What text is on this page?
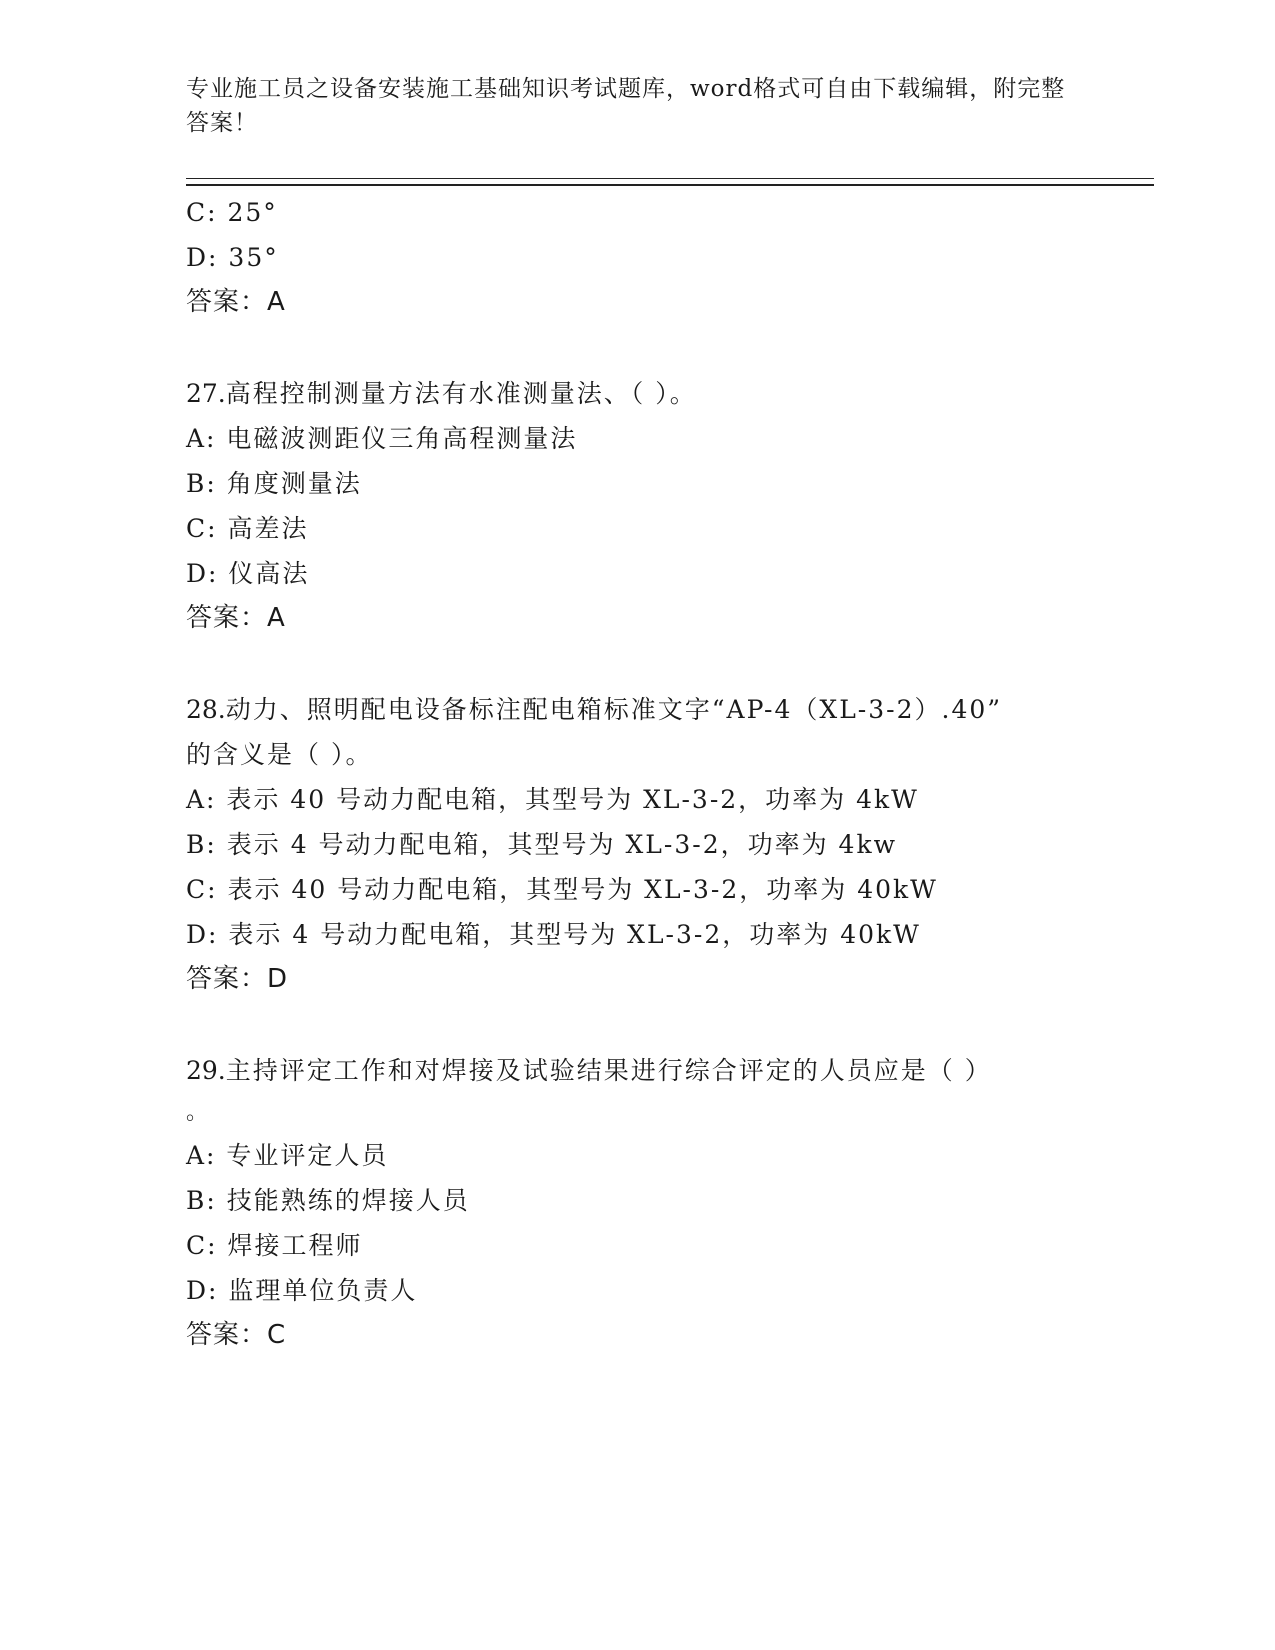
专业施工员之设备安装施工基础知识考试题库，word格式可自由下载编辑，附完整答案！
C: 25°
D: 35°
答案：A
27.高程控制测量方法有水准测量法、（ ）。
A: 电磁波测距仪三角高程测量法
B: 角度测量法
C: 高差法
D: 仪高法
答案：A
28.动力、照明配电设备标注配电箱标准文字“AP-4（XL-3-2）.40”
的含义是（ ）。
A: 表示 40 号动力配电箱，其型号为 XL-3-2，功率为 4kW
B: 表示 4 号动力配电箱，其型号为 XL-3-2，功率为 4kw
C: 表示 40 号动力配电箱，其型号为 XL-3-2，功率为 40kW
D: 表示 4 号动力配电箱，其型号为 XL-3-2，功率为 40kW
答案：D
29.主持评定工作和对焊接及试验结果进行综合评定的人员应是（ ）
。
A: 专业评定人员
B: 技能熟练的焊接人员
C: 焊接工程师
D: 监理单位负责人
答案：C
